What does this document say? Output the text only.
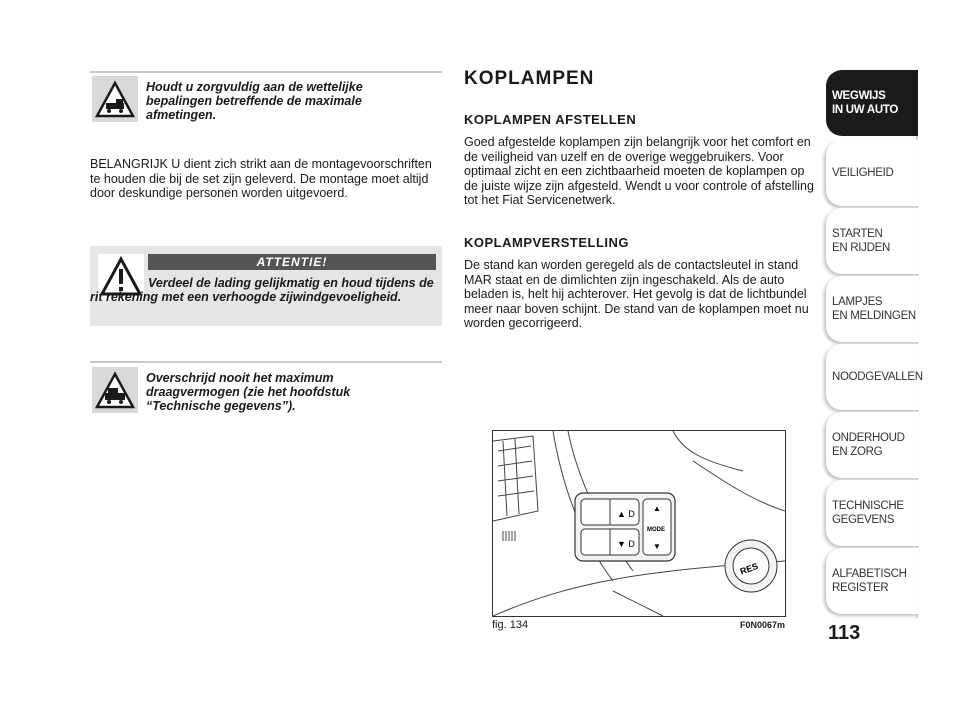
Houdt u zorgvuldig aan de wettelijke bepalingen betreffende de maximale afmetingen.
BELANGRIJK U dient zich strikt aan de montagevoorschriften te houden die bij de set zijn geleverd. De montage moet altijd door deskundige personen worden uitgevoerd.
ATTENTIE!
Verdeel de lading gelijkmatig en houd tijdens de rit rekening met een verhoogde zijwindgevoeligheid.
Overschrijd nooit het maximum draagvermogen (zie het hoofdstuk “Technische gegevens”).
KOPLAMPEN
KOPLAMPEN AFSTELLEN
Goed afgestelde koplampen zijn belangrijk voor het comfort en de veiligheid van uzelf en de overige weggebruikers. Voor optimaal zicht en een zichtbaarheid moeten de koplampen op de juiste wijze zijn afgesteld. Wendt u voor controle of afstelling tot het Fiat Servicenetwerk.
KOPLAMPVERSTELLING
De stand kan worden geregeld als de contactsleutel in stand MAR staat en de dimlichten zijn ingeschakeld. Als de auto beladen is, helt hij achterover. Het gevolg is dat de lichtbundel meer naar boven schijnt. De stand van de koplampen moet nu worden gecorrigeerd.
▲ D
▼ D
MODE
▲
▼
RES
fig. 134	F0N0067m
WEGWIJS
IN UW AUTO
VEILIGHEID
STARTEN
EN RIJDEN
LAMPJES
EN MELDINGEN
NOODGEVALLEN
ONDERHOUD
EN ZORG
TECHNISCHE
GEGEVENS
ALFABETISCH
REGISTER
113
